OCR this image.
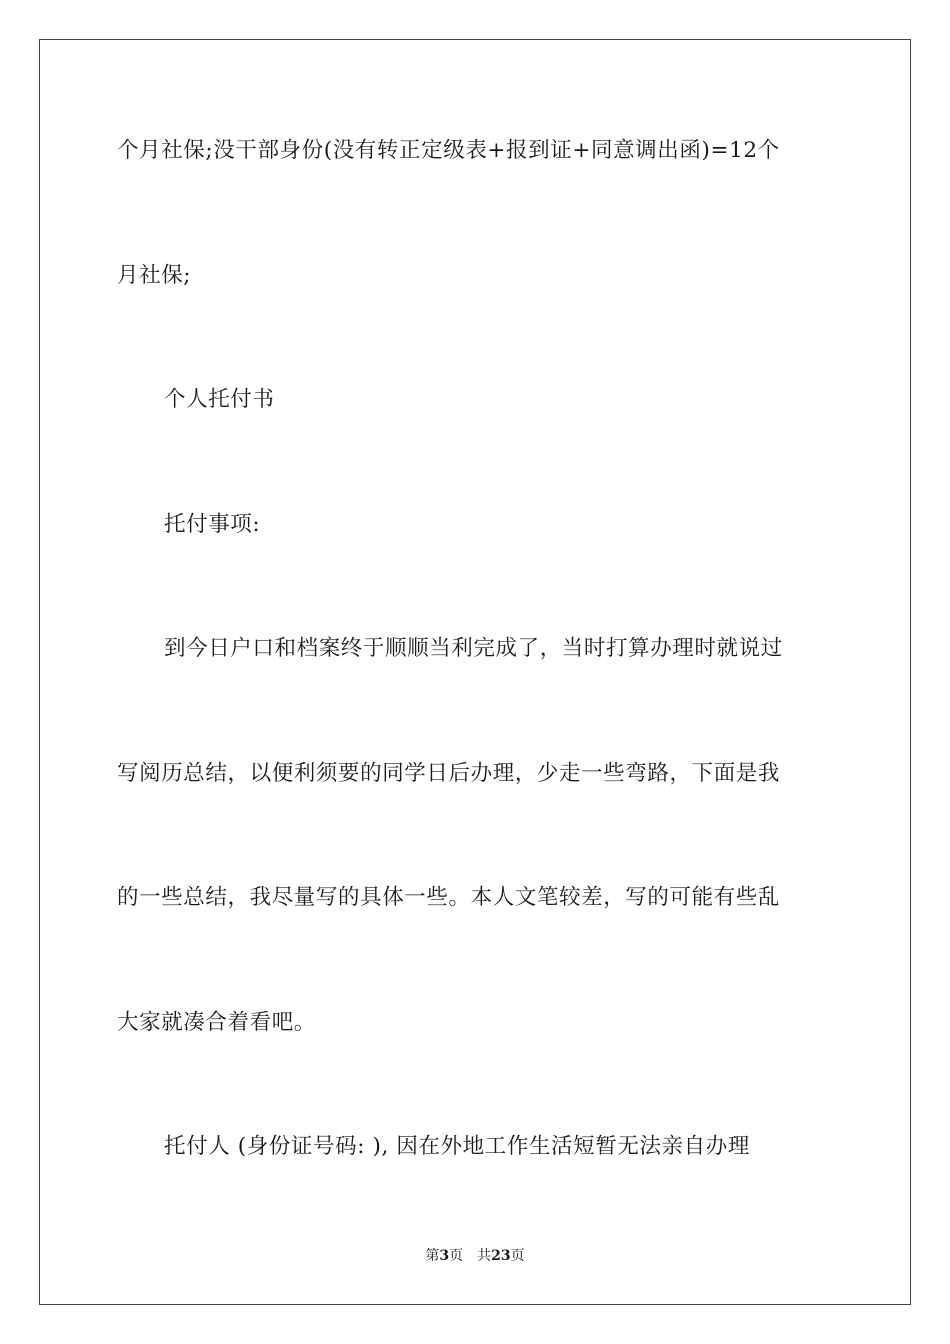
个月社保;没干部身份(没有转正定级表+报到证+同意调出函)=12个
月社保;
个人托付书
托付事项:
到今日户口和档案终于顺顺当利完成了，当时打算办理时就说过
写阅历总结，以便利须要的同学日后办理，少走一些弯路，下面是我
的一些总结，我尽量写的具体一些。本人文笔较差，写的可能有些乱
大家就凑合着看吧。
托付人 (身份证号码: ), 因在外地工作生活短暂无法亲自办理
第3页 共23页
